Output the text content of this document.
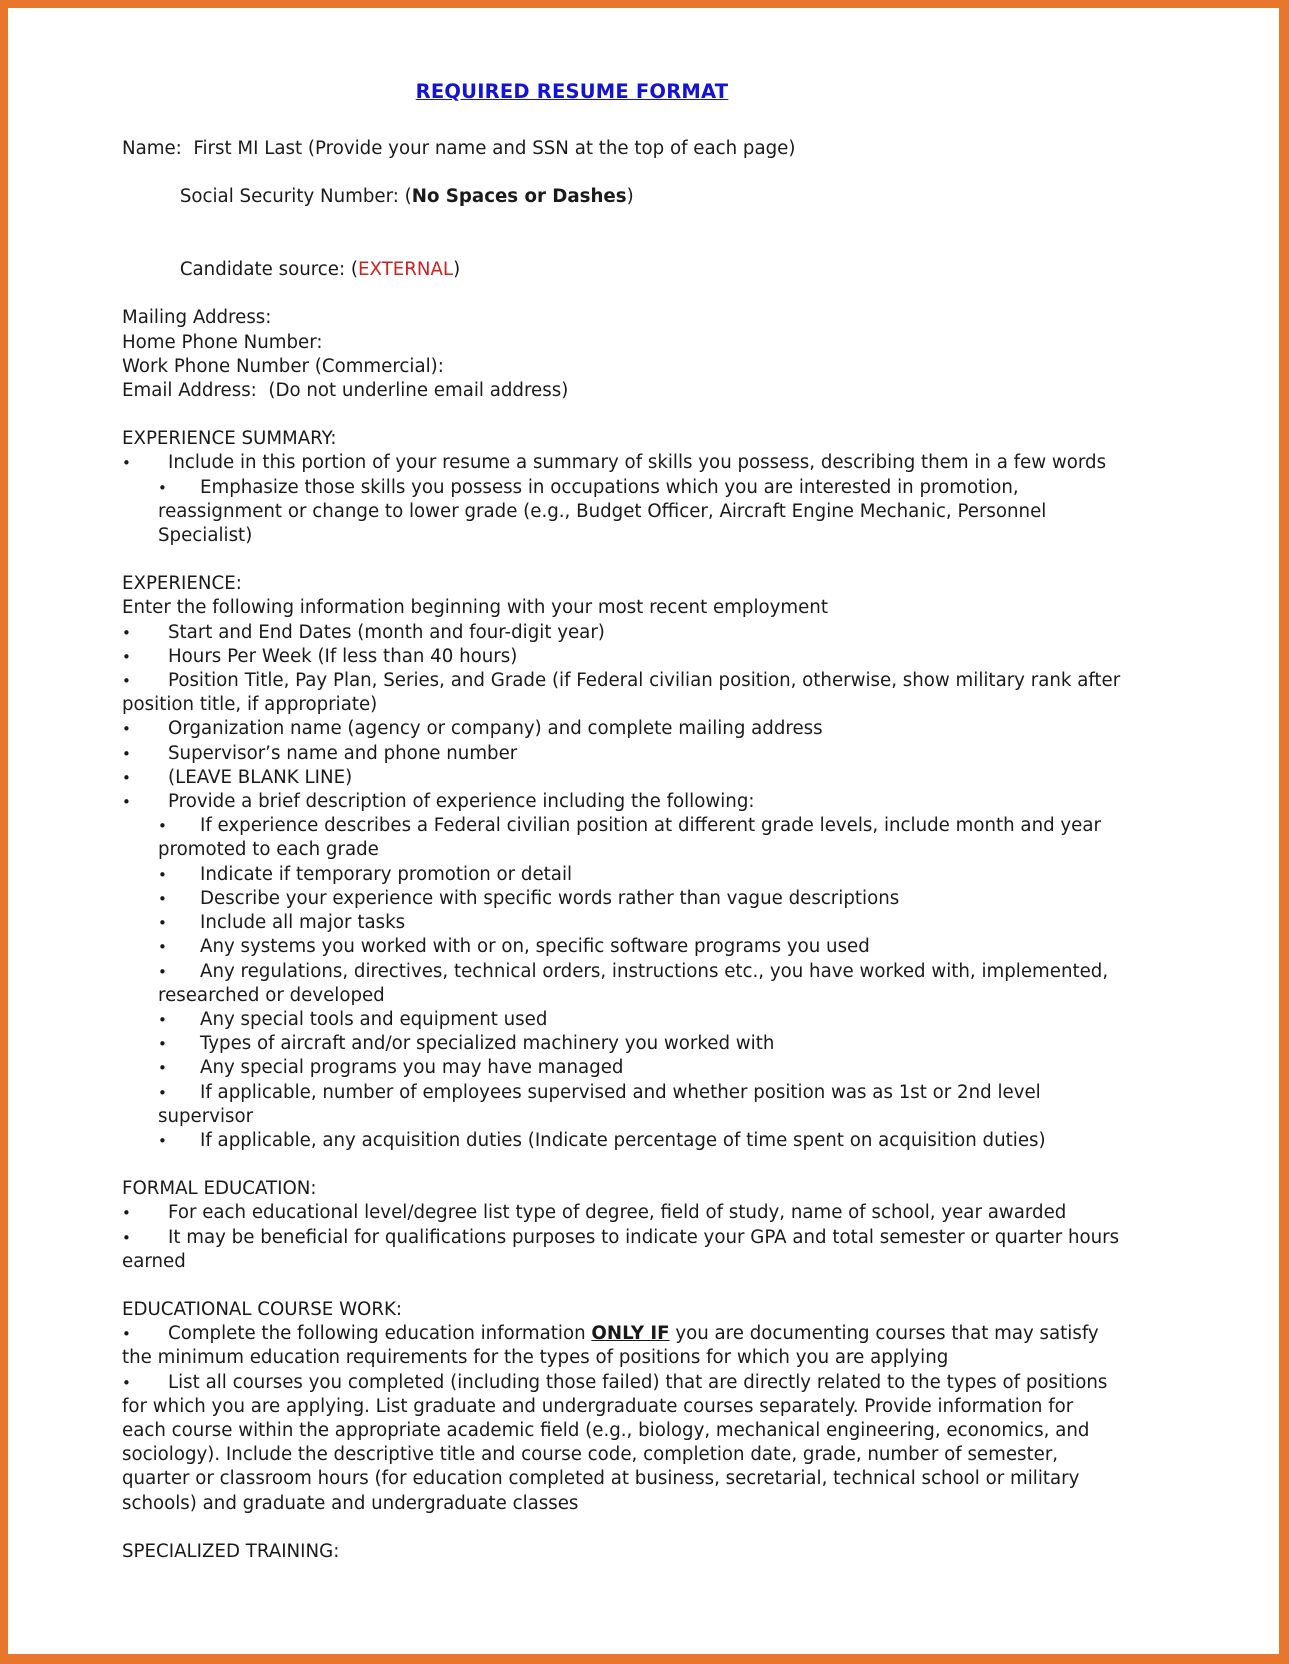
REQUIRED RESUME FORMAT
Name:  First MI Last (Provide your name and SSN at the top of each page)

Social Security Number: (No Spaces or Dashes)

Candidate source: (EXTERNAL)

Mailing Address:
Home Phone Number:
Work Phone Number (Commercial):
Email Address:  (Do not underline email address)
EXPERIENCE SUMMARY:
• Include in this portion of your resume a summary of skills you possess, describing them in a few words
• Emphasize those skills you possess in occupations which you are interested in promotion, reassignment or change to lower grade (e.g., Budget Officer, Aircraft Engine Mechanic, Personnel Specialist)
EXPERIENCE:
Enter the following information beginning with your most recent employment
• Start and End Dates (month and four-digit year)
• Hours Per Week (If less than 40 hours)
• Position Title, Pay Plan, Series, and Grade (if Federal civilian position, otherwise, show military rank after position title, if appropriate)
• Organization name (agency or company) and complete mailing address
• Supervisor’s name and phone number
• (LEAVE BLANK LINE)
• Provide a brief description of experience including the following:
• If experience describes a Federal civilian position at different grade levels, include month and year promoted to each grade
• Indicate if temporary promotion or detail
• Describe your experience with specific words rather than vague descriptions
• Include all major tasks
• Any systems you worked with or on, specific software programs you used
• Any regulations, directives, technical orders, instructions etc., you have worked with, implemented, researched or developed
• Any special tools and equipment used
• Types of aircraft and/or specialized machinery you worked with
• Any special programs you may have managed
• If applicable, number of employees supervised and whether position was as 1st or 2nd level supervisor
• If applicable, any acquisition duties (Indicate percentage of time spent on acquisition duties)
FORMAL EDUCATION:
• For each educational level/degree list type of degree, field of study, name of school, year awarded
• It may be beneficial for qualifications purposes to indicate your GPA and total semester or quarter hours earned
EDUCATIONAL COURSE WORK:
• Complete the following education information ONLY IF you are documenting courses that may satisfy the minimum education requirements for the types of positions for which you are applying
• List all courses you completed (including those failed) that are directly related to the types of positions for which you are applying. List graduate and undergraduate courses separately. Provide information for each course within the appropriate academic field (e.g., biology, mechanical engineering, economics, and sociology). Include the descriptive title and course code, completion date, grade, number of semester, quarter or classroom hours (for education completed at business, secretarial, technical school or military schools) and graduate and undergraduate classes
SPECIALIZED TRAINING:
